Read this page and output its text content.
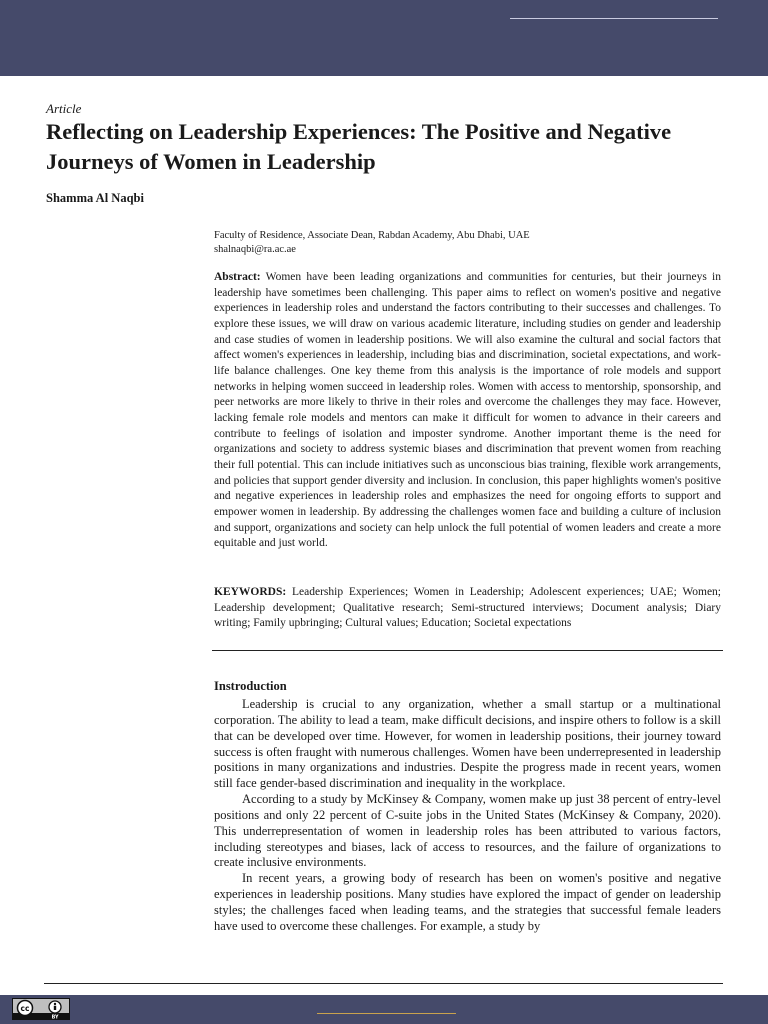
Article
Reflecting on Leadership Experiences: The Positive and Negative Journeys of Women in Leadership
Shamma Al Naqbi
Faculty of Residence, Associate Dean, Rabdan Academy, Abu Dhabi, UAE
shalnaqbi@ra.ac.ae

Abstract: Women have been leading organizations and communities for centuries, but their journeys in leadership have sometimes been challenging. This paper aims to reflect on women's positive and negative experiences in leadership roles and understand the factors contributing to their successes and challenges. To explore these issues, we will draw on various academic literature, including studies on gender and leadership and case studies of women in leadership positions. We will also examine the cultural and social factors that affect women's experiences in leadership, including bias and discrimination, societal expectations, and work-life balance challenges. One key theme from this analysis is the importance of role models and support networks in helping women succeed in leadership roles. Women with access to mentorship, sponsorship, and peer networks are more likely to thrive in their roles and overcome the challenges they may face. However, lacking female role models and mentors can make it difficult for women to advance in their careers and contribute to feelings of isolation and imposter syndrome. Another important theme is the need for organizations and society to address systemic biases and discrimination that prevent women from reaching their full potential. This can include initiatives such as unconscious bias training, flexible work arrangements, and policies that support gender diversity and inclusion. In conclusion, this paper highlights women's positive and negative experiences in leadership roles and emphasizes the need for ongoing efforts to support and empower women in leadership. By addressing the challenges women face and building a culture of inclusion and support, organizations and society can help unlock the full potential of women leaders and create a more equitable and just world.

KEYWORDS: Leadership Experiences; Women in Leadership; Adolescent experiences; UAE; Women; Leadership development; Qualitative research; Semi-structured interviews; Document analysis; Diary writing; Family upbringing; Cultural values; Education; Societal expectations

Instroduction

Leadership is crucial to any organization, whether a small startup or a multinational corporation. The ability to lead a team, make difficult decisions, and inspire others to follow is a skill that can be developed over time. However, for women in leadership positions, their journey toward success is often fraught with numerous challenges. Women have been underrepresented in leadership positions in many organizations and industries. Despite the progress made in recent years, women still face gender-based discrimination and inequality in the workplace.

According to a study by McKinsey & Company, women make up just 38 percent of entry-level positions and only 22 percent of C-suite jobs in the United States (McKinsey & Company, 2020). This underrepresentation of women in leadership roles has been attributed to various factors, including stereotypes and biases, lack of access to resources, and the failure of organizations to create inclusive environments.

In recent years, a growing body of research has been on women's positive and negative experiences in leadership positions. Many studies have explored the impact of gender on leadership styles; the challenges faced when leading teams, and the strategies that successful female leaders have used to overcome these challenges. For example, a study by

cc
BY
